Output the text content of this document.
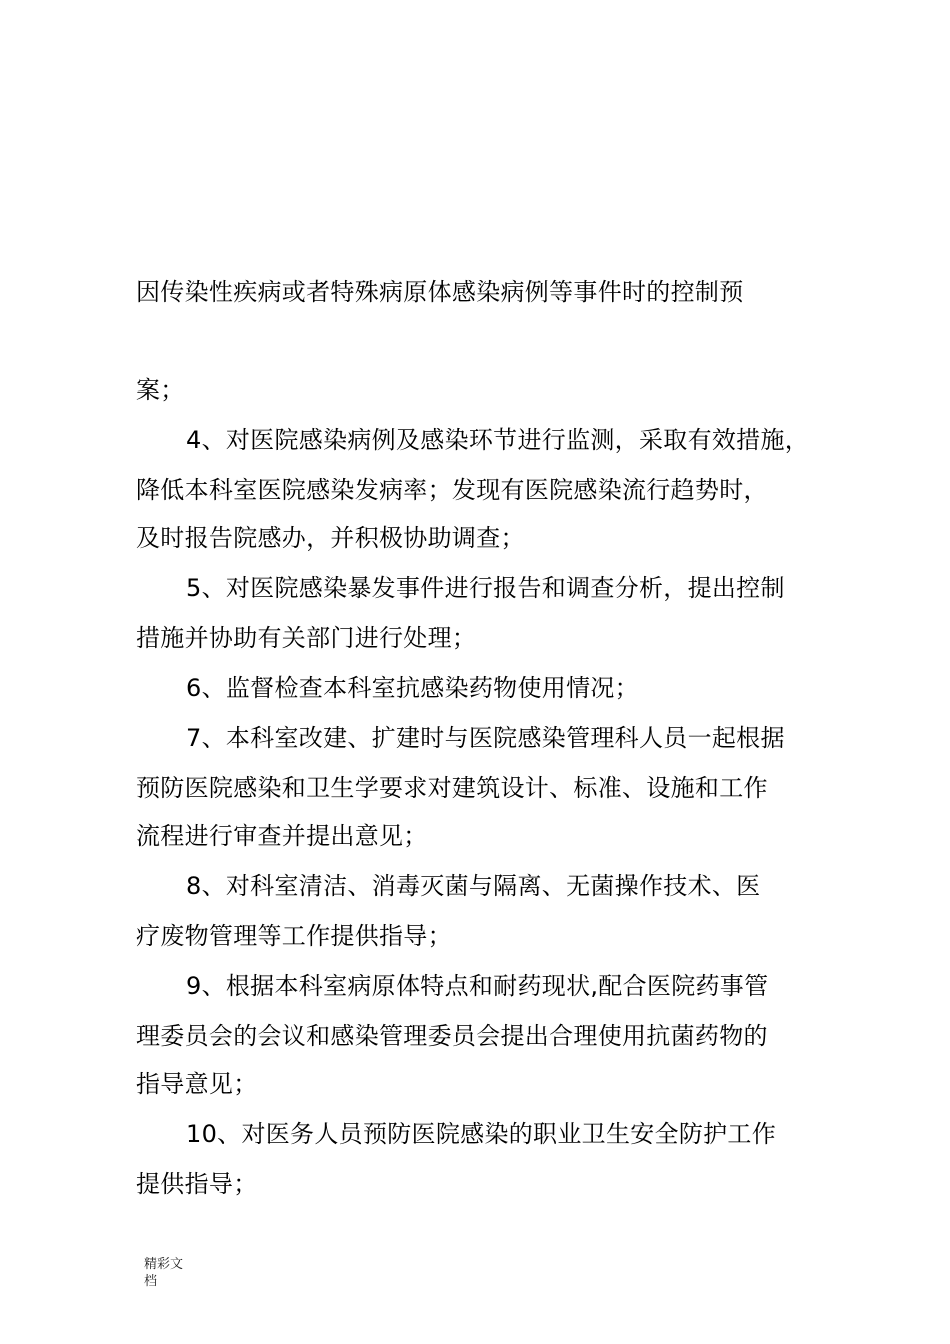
因传染性疾病或者特殊病原体感染病例等事件时的控制预
案；
4、对医院感染病例及感染环节进行监测，采取有效措施，
降低本科室医院感染发病率；发现有医院感染流行趋势时，
及时报告院感办，并积极协助调查；
5、对医院感染暴发事件进行报告和调查分析，提出控制
措施并协助有关部门进行处理；
6、监督检查本科室抗感染药物使用情况；
7、本科室改建、扩建时与医院感染管理科人员一起根据
预防医院感染和卫生学要求对建筑设计、标准、设施和工作
流程进行审查并提出意见；
8、对科室清洁、消毒灭菌与隔离、无菌操作技术、医
疗废物管理等工作提供指导；
9、根据本科室病原体特点和耐药现状,配合医院药事管
理委员会的会议和感染管理委员会提出合理使用抗菌药物的
指导意见；
10、对医务人员预防医院感染的职业卫生安全防护工作
提供指导；
精彩文
档
